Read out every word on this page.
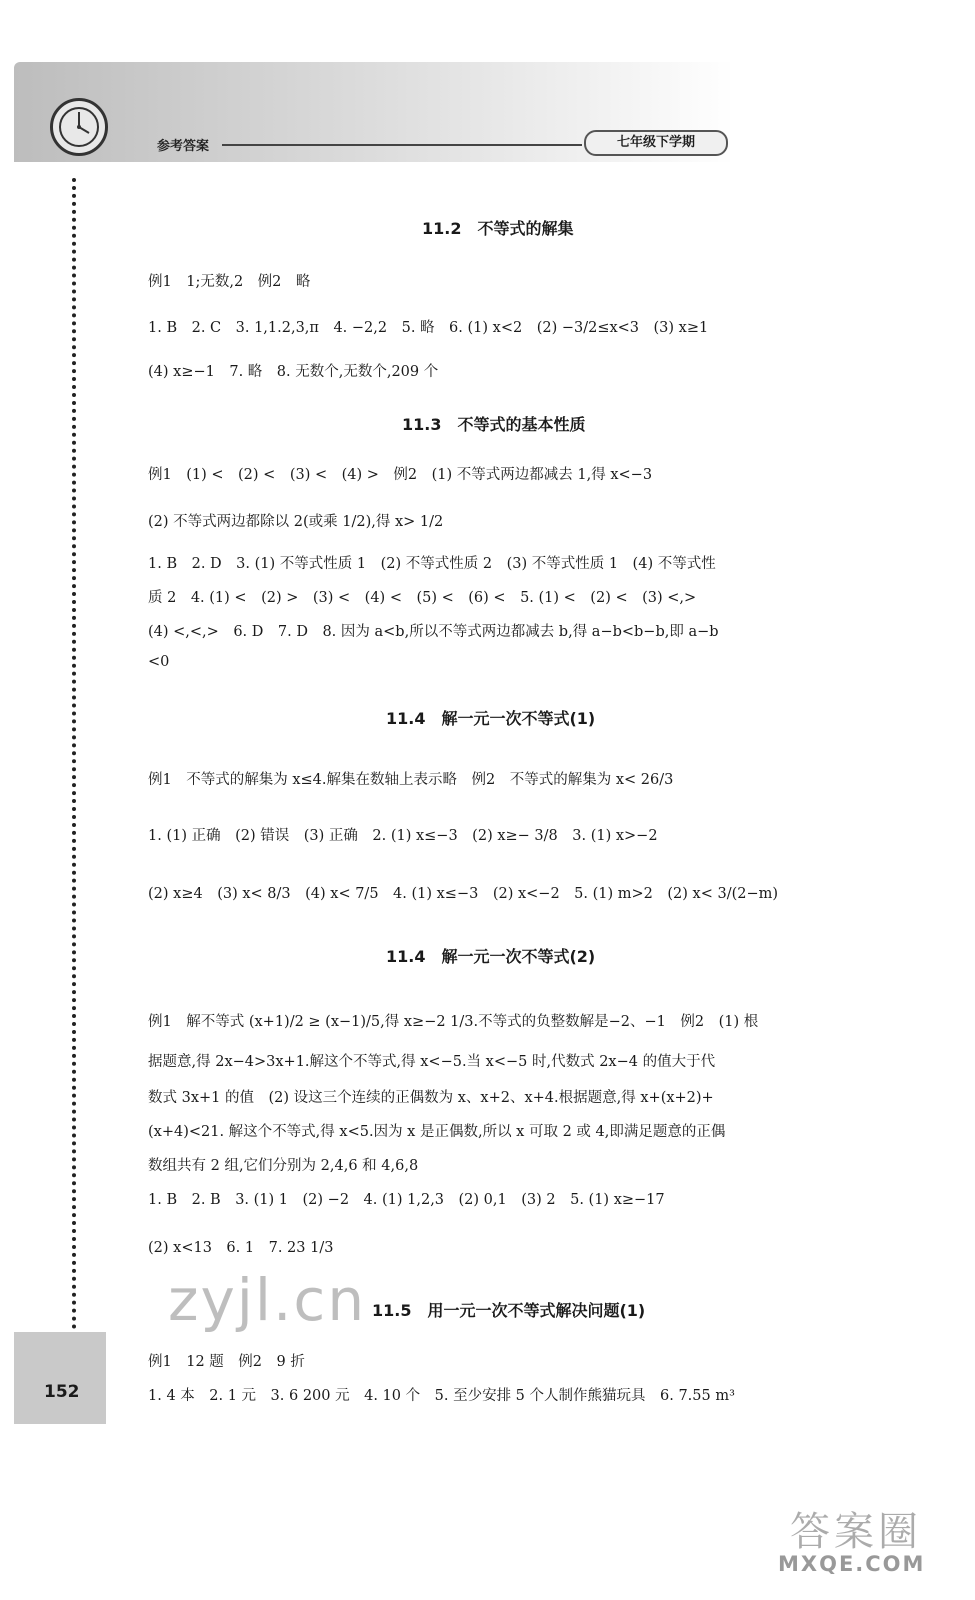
参考答案	七年级下学期
152
11.2　不等式的解集
例1　1;无数,2　例2　略
1. B　2. C　3. 1,1.2,3,π　4. −2,2　5. 略　6. (1) x<2　(2) −3/2≤x<3　(3) x≥1
(4) x≥−1　7. 略　8. 无数个,无数个,209 个
11.3　不等式的基本性质
例1　(1) <　(2) <　(3) <　(4) >　例2　(1) 不等式两边都减去 1,得 x<−3
(2) 不等式两边都除以 2(或乘 1/2),得 x> 1/2
1. B　2. D　3. (1) 不等式性质 1　(2) 不等式性质 2　(3) 不等式性质 1　(4) 不等式性
质 2　4. (1) <　(2) >　(3) <　(4) <　(5) <　(6) <　5. (1) <　(2) <　(3) <,>
(4) <,<,>　6. D　7. D　8. 因为 a<b,所以不等式两边都减去 b,得 a−b<b−b,即 a−b
<0
11.4　解一元一次不等式(1)
例1　不等式的解集为 x≤4.解集在数轴上表示略　例2　不等式的解集为 x< 26/3
1. (1) 正确　(2) 错误　(3) 正确　2. (1) x≤−3　(2) x≥− 3/8　3. (1) x>−2
(2) x≥4　(3) x< 8/3　(4) x< 7/5　4. (1) x≤−3　(2) x<−2　5. (1) m>2　(2) x< 3/(2−m)
11.4　解一元一次不等式(2)
例1　解不等式 (x+1)/2 ≥ (x−1)/5,得 x≥−2 1/3.不等式的负整数解是−2、−1　例2　(1) 根
据题意,得 2x−4>3x+1.解这个不等式,得 x<−5.当 x<−5 时,代数式 2x−4 的值大于代
数式 3x+1 的值　(2) 设这三个连续的正偶数为 x、x+2、x+4.根据题意,得 x+(x+2)+
(x+4)<21. 解这个不等式,得 x<5.因为 x 是正偶数,所以 x 可取 2 或 4,即满足题意的正偶
数组共有 2 组,它们分别为 2,4,6 和 4,6,8
1. B　2. B　3. (1) 1　(2) −2　4. (1) 1,2,3　(2) 0,1　(3) 2　5. (1) x≥−17
(2) x<13　6. 1　7. 23 1/3
11.5　用一元一次不等式解决问题(1)
例1　12 题　例2　9 折
1. 4 本　2. 1 元　3. 6 200 元　4. 10 个　5. 至少安排 5 个人制作熊猫玩具　6. 7.55 m³
zyjl.cn
答案圈
MXQE.COM
